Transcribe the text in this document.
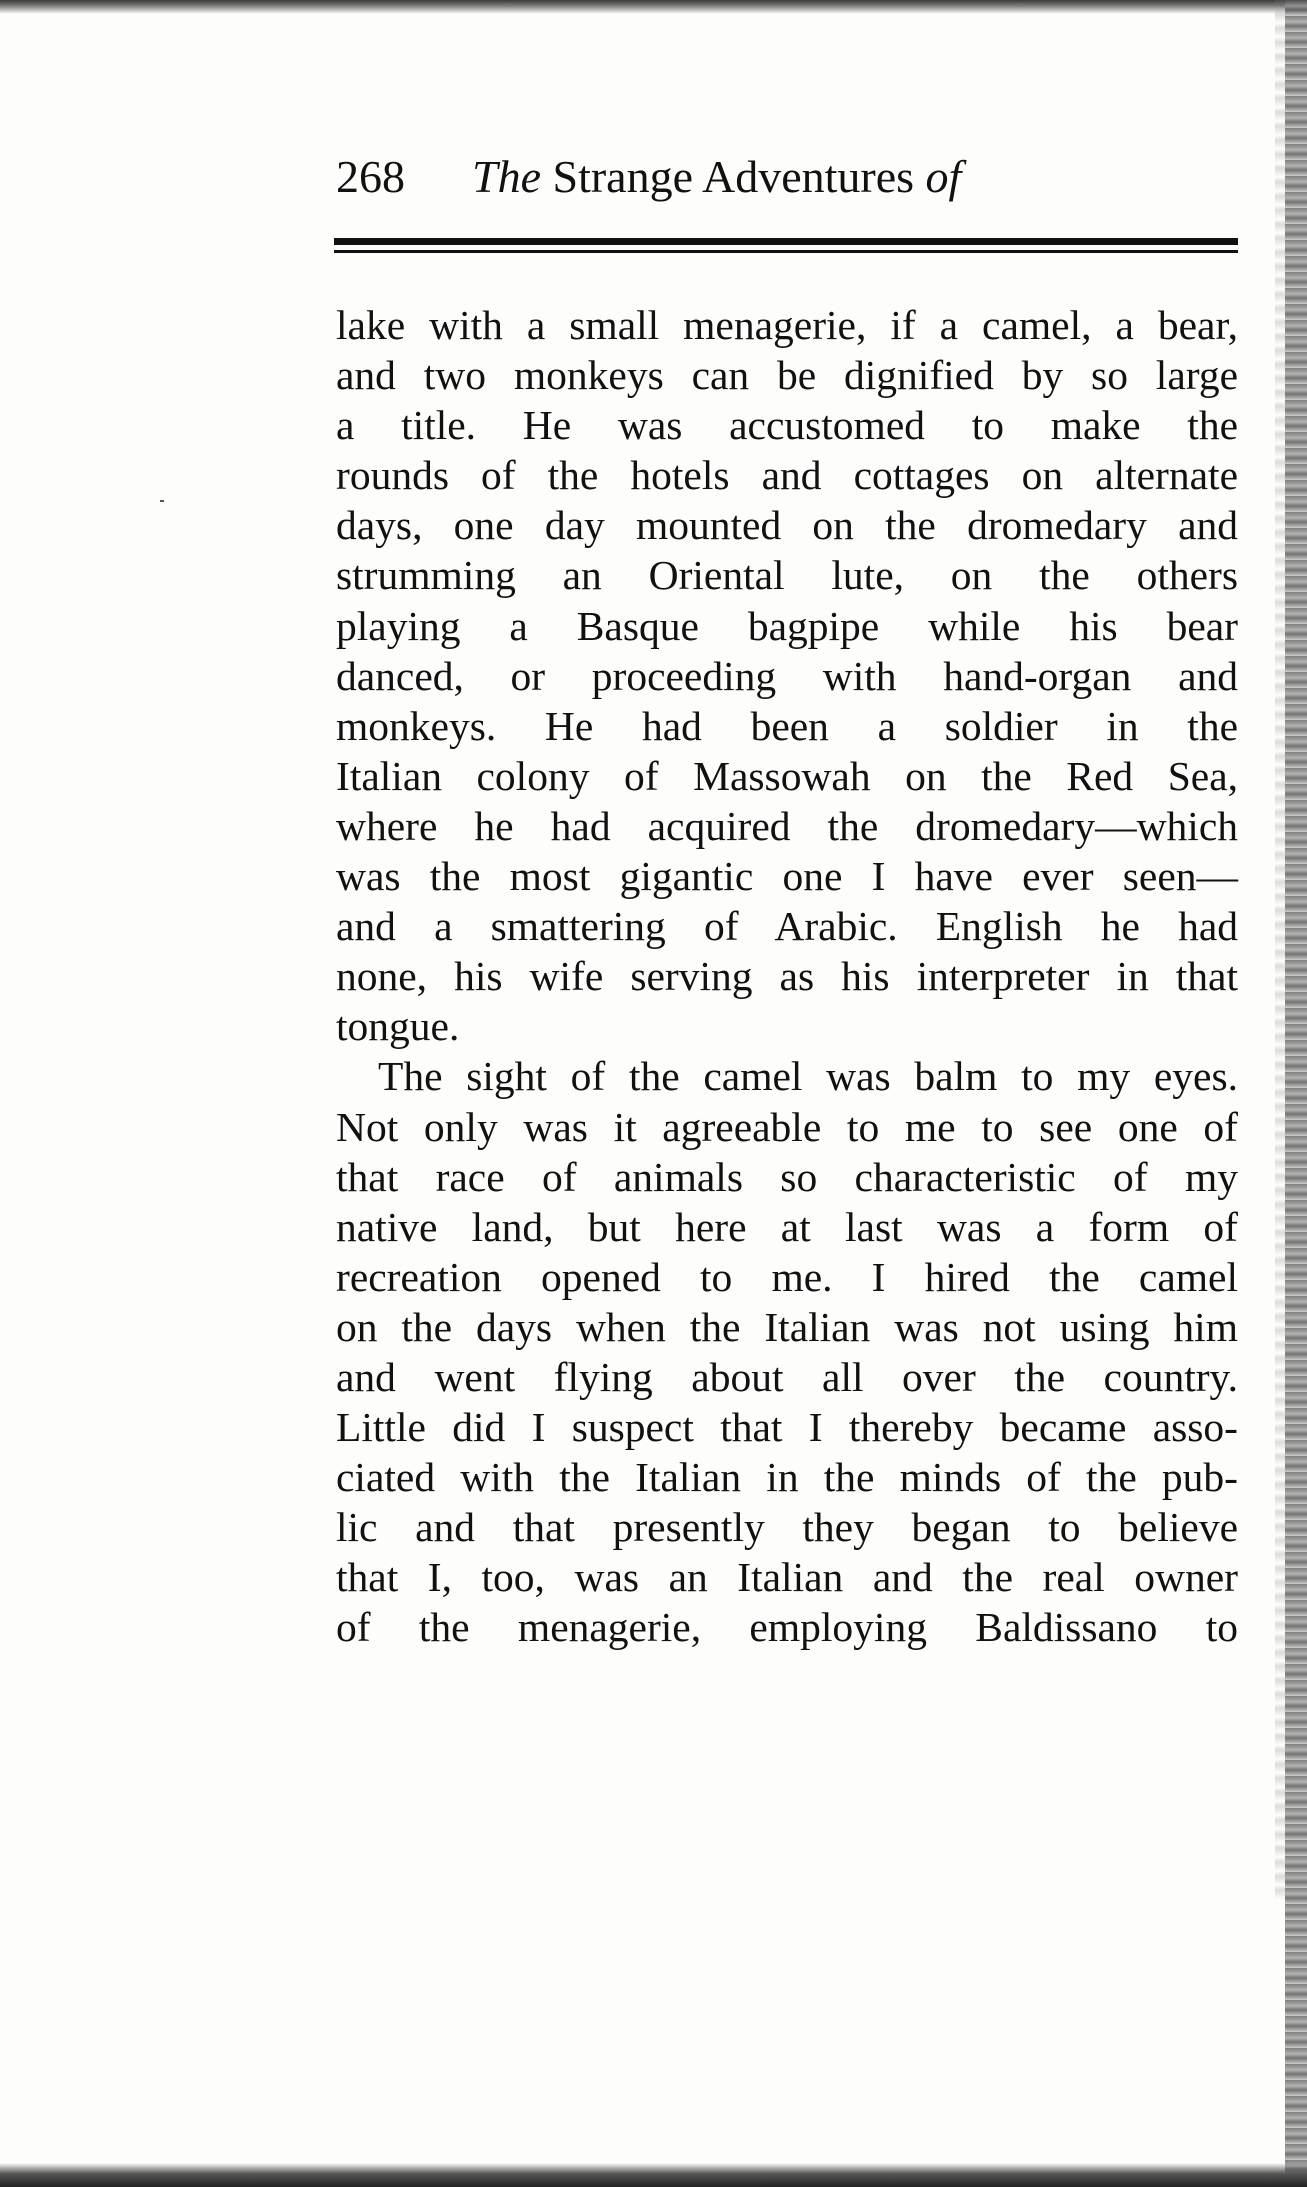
268 The Strange Adventures of

lake with a small menagerie, if a camel, a bear,
and two monkeys can be dignified by so large
a title. He was accustomed to make the
rounds of the hotels and cottages on alternate
days, one day mounted on the dromedary and
strumming an Oriental lute, on the others
playing a Basque bagpipe while his bear
danced, or proceeding with hand-organ and
monkeys. He had been a soldier in the
Italian colony of Massowah on the Red Sea,
where he had acquired the dromedary—which
was the most gigantic one I have ever seen—
and a smattering of Arabic. English he had
none, his wife serving as his interpreter in that
tongue.

The sight of the camel was balm to my eyes.
Not only was it agreeable to me to see one of
that race of animals so characteristic of my
native land, but here at last was a form of
recreation opened to me. I hired the camel
on the days when the Italian was not using him
and went flying about all over the country.
Little did I suspect that I thereby became asso-
ciated with the Italian in the minds of the pub-
lic and that presently they began to believe
that I, too, was an Italian and the real owner
of the menagerie, employing Baldissano to
